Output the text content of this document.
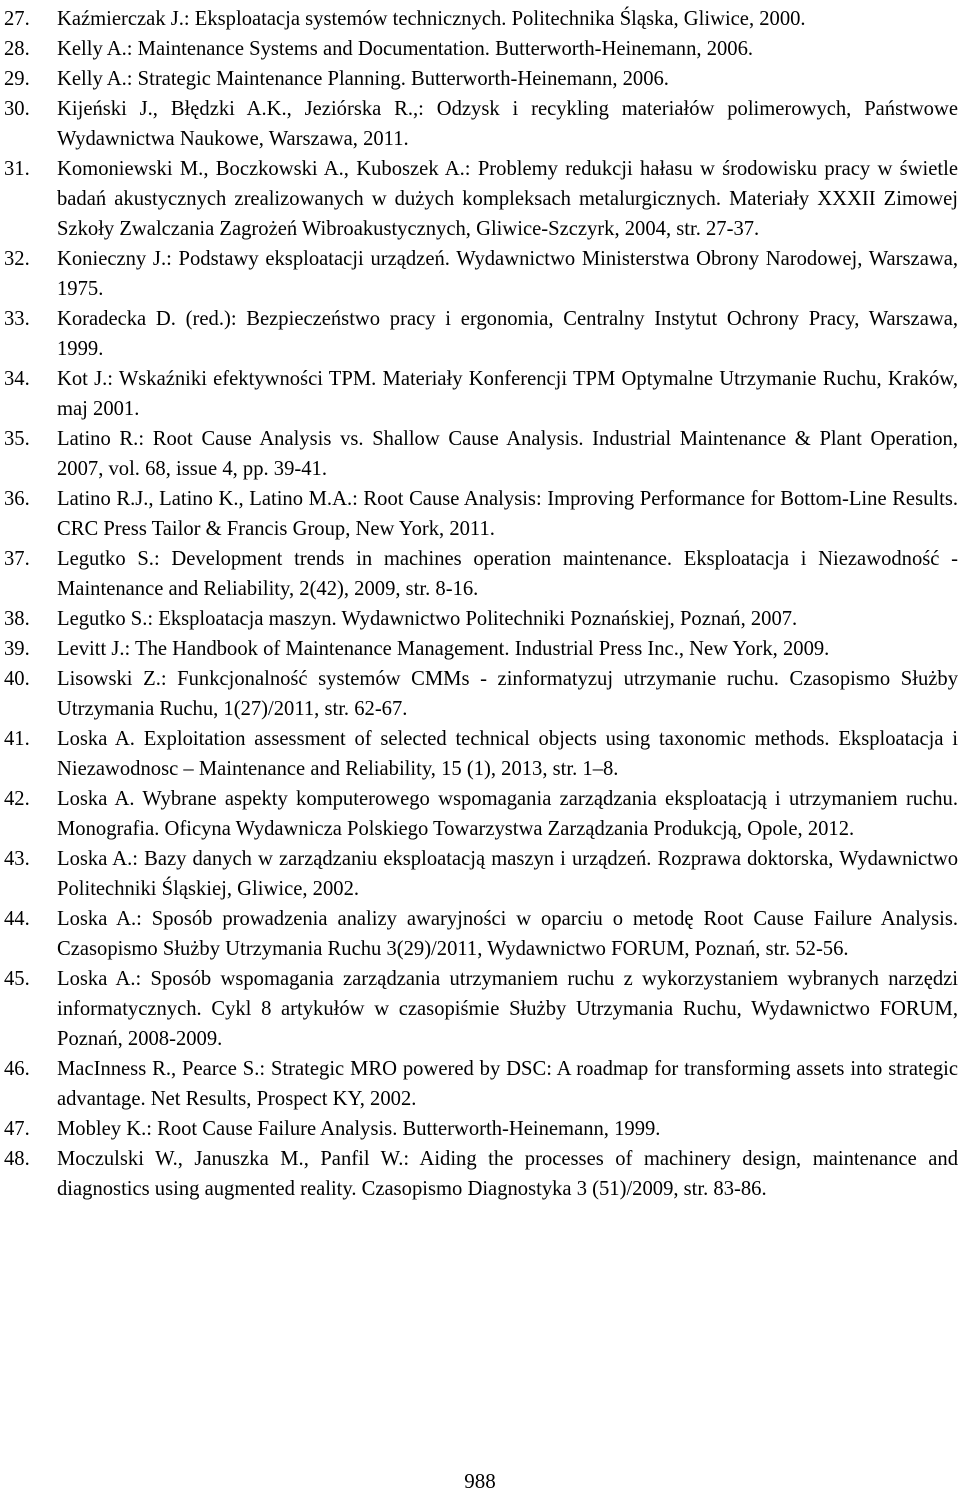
27. Kaźmierczak J.: Eksploatacja systemów technicznych. Politechnika Śląska, Gliwice, 2000.
28. Kelly A.: Maintenance Systems and Documentation. Butterworth-Heinemann, 2006.
29. Kelly A.: Strategic Maintenance Planning. Butterworth-Heinemann, 2006.
30. Kijeński J., Błędzki A.K., Jeziórska R.,: Odzysk i recykling materiałów polimerowych, Państwowe Wydawnictwa Naukowe, Warszawa, 2011.
31. Komoniewski M., Boczkowski A., Kuboszek A.: Problemy redukcji hałasu w środowisku pracy w świetle badań akustycznych zrealizowanych w dużych kompleksach metalurgicznych. Materiały XXXII Zimowej Szkoły Zwalczania Zagrożeń Wibroakustycznych, Gliwice-Szczyrk, 2004, str. 27-37.
32. Konieczny J.: Podstawy eksploatacji urządzeń. Wydawnictwo Ministerstwa Obrony Narodowej, Warszawa, 1975.
33. Koradecka D. (red.): Bezpieczeństwo pracy i ergonomia, Centralny Instytut Ochrony Pracy, Warszawa, 1999.
34. Kot J.: Wskaźniki efektywności TPM. Materiały Konferencji TPM Optymalne Utrzymanie Ruchu, Kraków, maj 2001.
35. Latino R.: Root Cause Analysis vs. Shallow Cause Analysis. Industrial Maintenance & Plant Operation, 2007, vol. 68, issue 4, pp. 39-41.
36. Latino R.J., Latino K., Latino M.A.: Root Cause Analysis: Improving Performance for Bottom-Line Results. CRC Press Tailor & Francis Group, New York, 2011.
37. Legutko S.: Development trends in machines operation maintenance. Eksploatacja i Niezawodność - Maintenance and Reliability, 2(42), 2009, str. 8-16.
38. Legutko S.: Eksploatacja maszyn. Wydawnictwo Politechniki Poznańskiej, Poznań, 2007.
39. Levitt J.: The Handbook of Maintenance Management. Industrial Press Inc., New York, 2009.
40. Lisowski Z.: Funkcjonalność systemów CMMs - zinformatyzuj utrzymanie ruchu. Czasopismo Służby Utrzymania Ruchu, 1(27)/2011, str. 62-67.
41. Loska A. Exploitation assessment of selected technical objects using taxonomic methods. Eksploatacja i Niezawodnosc – Maintenance and Reliability, 15 (1), 2013, str. 1–8.
42. Loska A. Wybrane aspekty komputerowego wspomagania zarządzania eksploatacją i utrzymaniem ruchu. Monografia. Oficyna Wydawnicza Polskiego Towarzystwa Zarządzania Produkcją, Opole, 2012.
43. Loska A.: Bazy danych w zarządzaniu eksploatacją maszyn i urządzeń. Rozprawa doktorska, Wydawnictwo Politechniki Śląskiej, Gliwice, 2002.
44. Loska A.: Sposób prowadzenia analizy awaryjności w oparciu o metodę Root Cause Failure Analysis. Czasopismo Służby Utrzymania Ruchu 3(29)/2011, Wydawnictwo FORUM, Poznań, str. 52-56.
45. Loska A.: Sposób wspomagania zarządzania utrzymaniem ruchu z wykorzystaniem wybranych narzędzi informatycznych. Cykl 8 artykułów w czasopiśmie Służby Utrzymania Ruchu, Wydawnictwo FORUM, Poznań, 2008-2009.
46. MacInness R., Pearce S.: Strategic MRO powered by DSC: A roadmap for transforming assets into strategic advantage. Net Results, Prospect KY, 2002.
47. Mobley K.: Root Cause Failure Analysis. Butterworth-Heinemann, 1999.
48. Moczulski W., Januszka M., Panfil W.: Aiding the processes of machinery design, maintenance and diagnostics using augmented reality. Czasopismo Diagnostyka 3 (51)/2009, str. 83-86.
988
